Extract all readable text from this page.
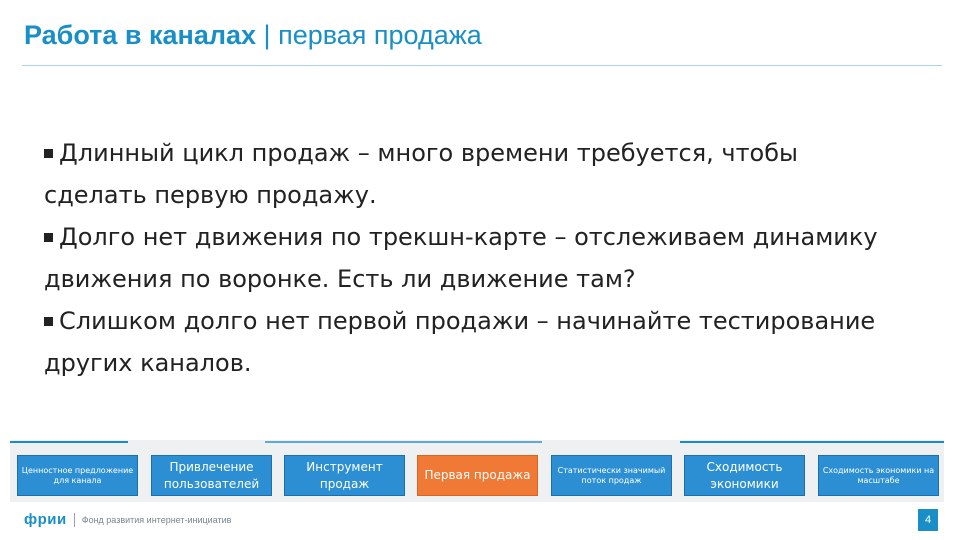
Работа в каналах | первая продажа
Длинный цикл продаж – много времени требуется, чтобы сделать первую продажу.
Долго нет движения по трекшн-карте – отслеживаем динамику движения по воронке. Есть ли движение там?
Слишком долго нет первой продажи – начинайте тестирование других каналов.
Ценностное предложение для канала
Привлечение пользователей
Инструмент продаж
Первая продажа	Статистически значимый поток продаж
Сходимость экономики
Сходимость экономики на масштабе
фрии Фонд развития интернет-инициатив	4
